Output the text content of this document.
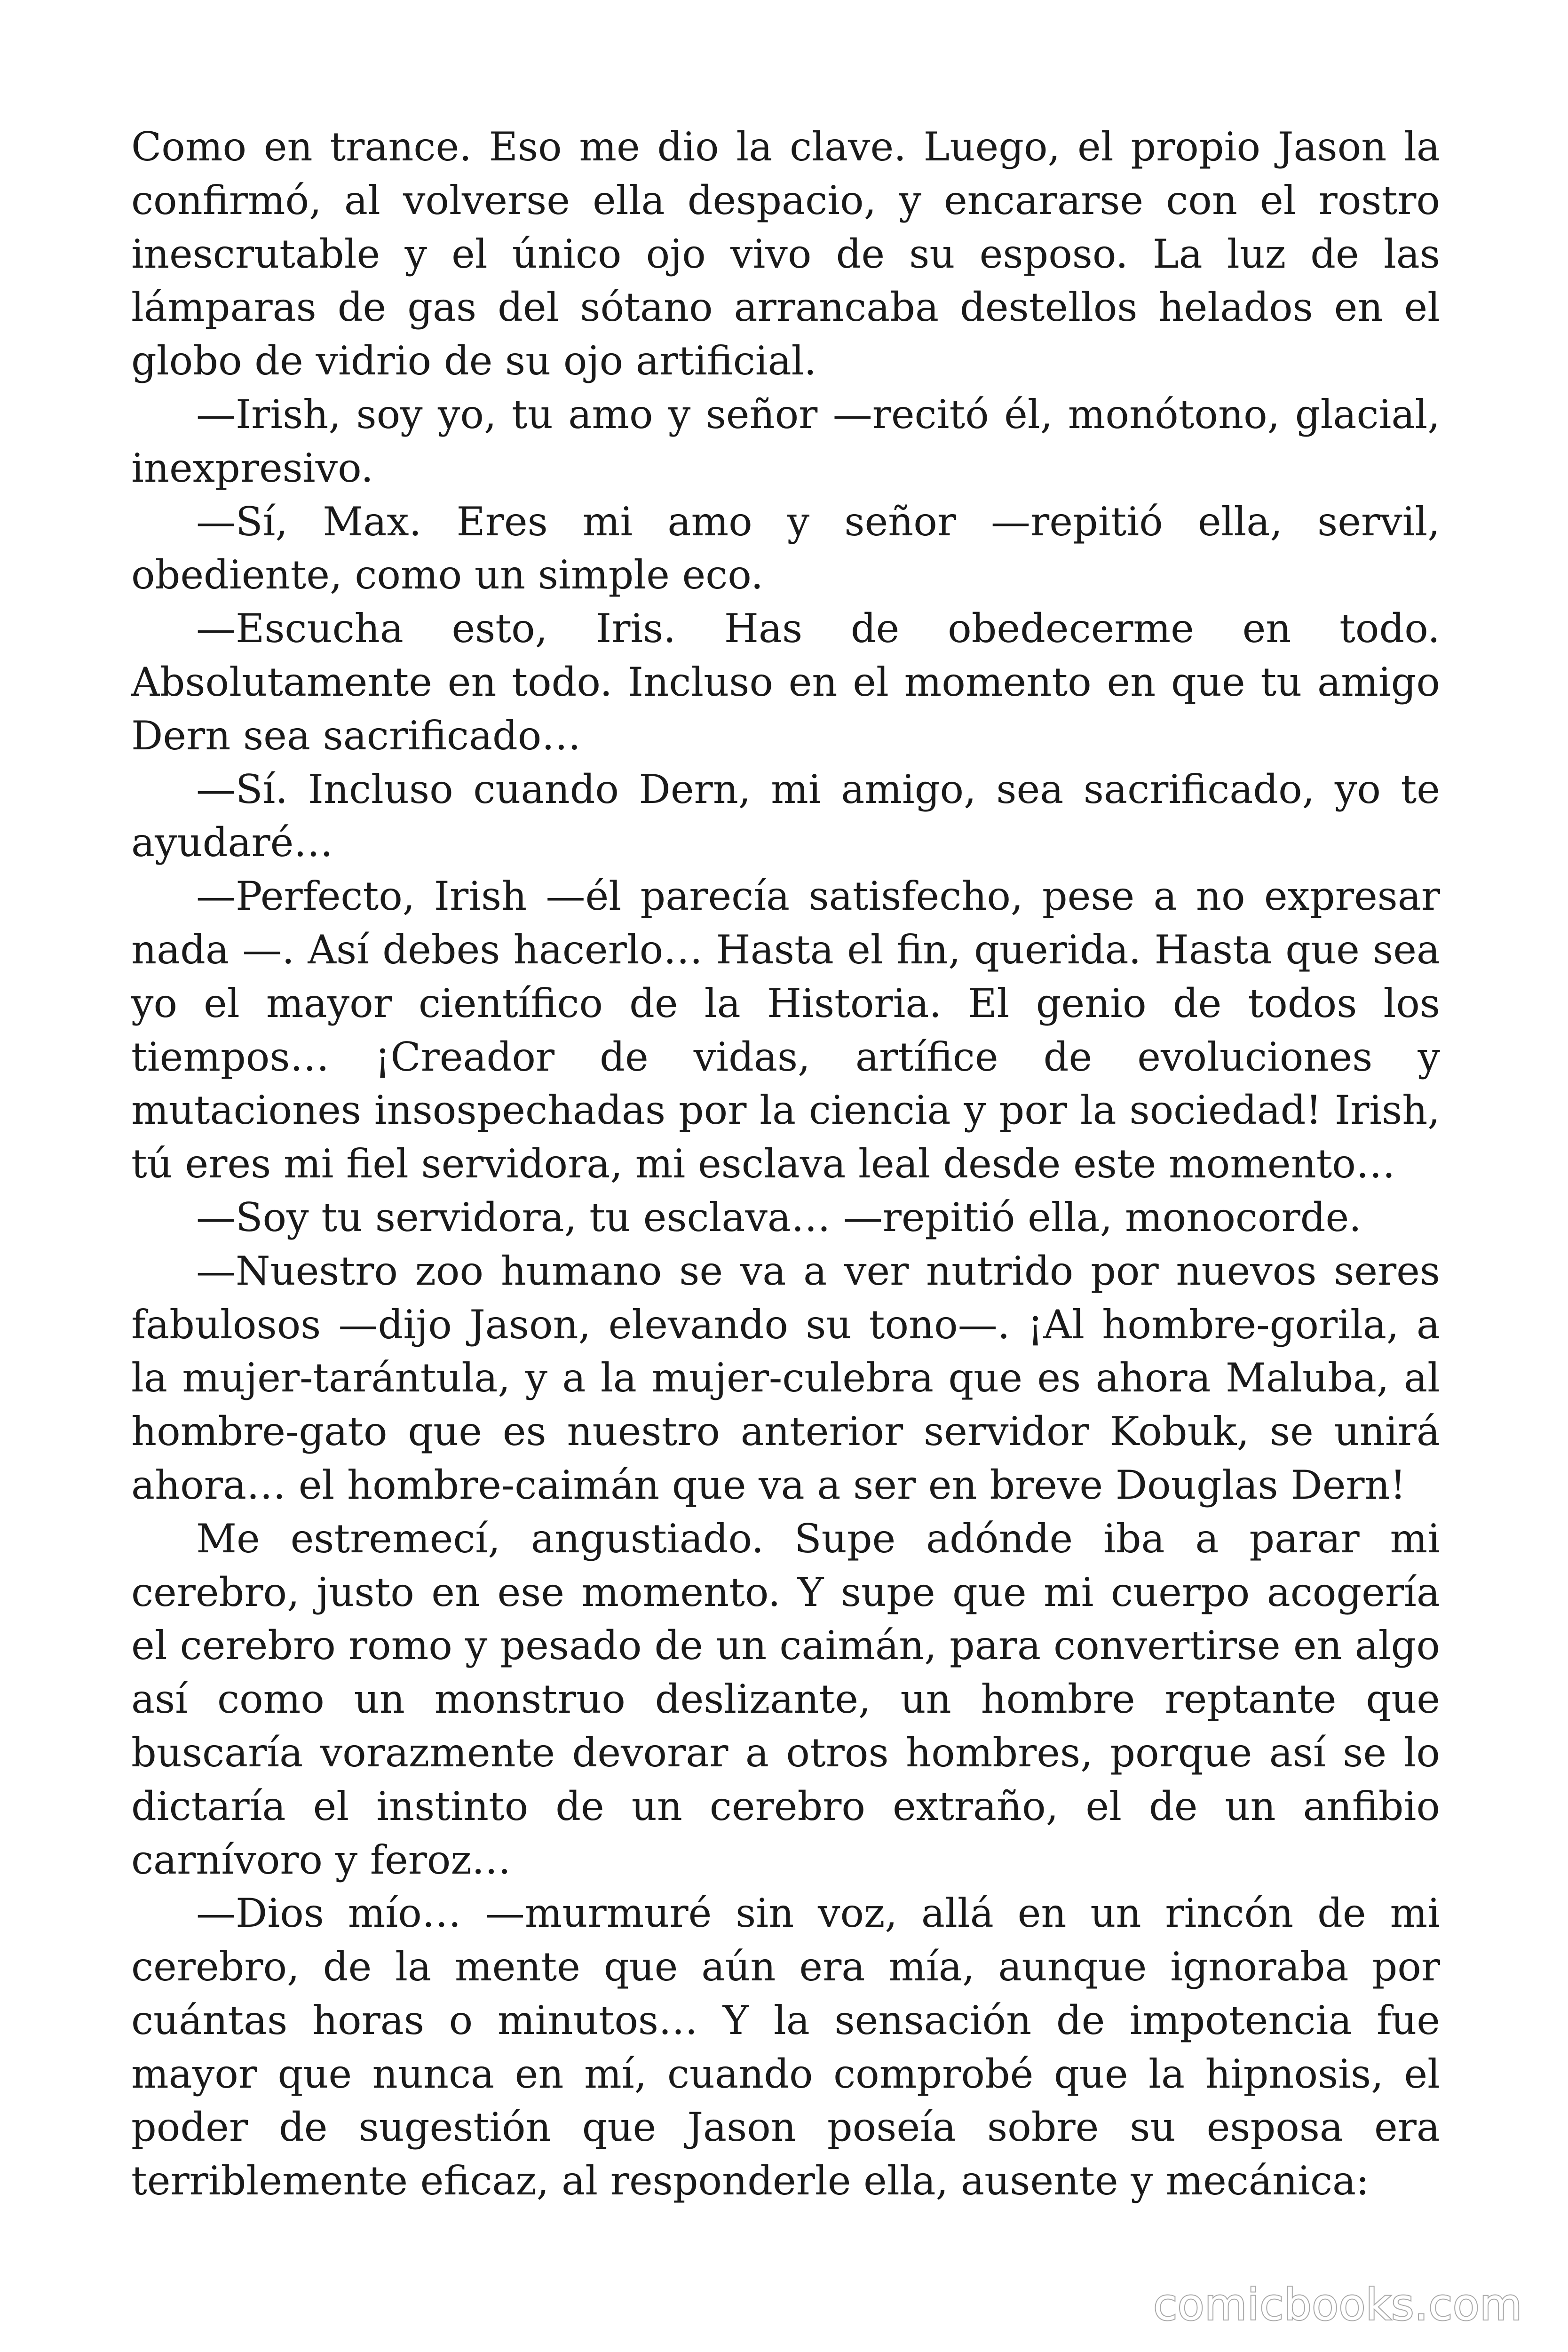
Como en trance. Eso me dio la clave. Luego, el propio Jason la confirmó, al volverse ella despacio, y encararse con el rostro inescrutable y el único ojo vivo de su esposo. La luz de las lámparas de gas del sótano arrancaba destellos helados en el globo de vidrio de su ojo artificial.

—Irish, soy yo, tu amo y señor —recitó él, monótono, glacial, inexpresivo.

—Sí, Max. Eres mi amo y señor —repitió ella, servil, obediente, como un simple eco.

—Escucha esto, Iris. Has de obedecerme en todo. Absolutamente en todo. Incluso en el momento en que tu amigo Dern sea sacrificado…

—Sí. Incluso cuando Dern, mi amigo, sea sacrificado, yo te ayudaré…

—Perfecto, Irish —él parecía satisfecho, pese a no expresar nada —. Así debes hacerlo… Hasta el fin, querida. Hasta que sea yo el mayor científico de la Historia. El genio de todos los tiempos… ¡Creador de vidas, artífice de evoluciones y mutaciones insospechadas por la ciencia y por la sociedad! Irish, tú eres mi fiel servidora, mi esclava leal desde este momento…

—Soy tu servidora, tu esclava… —repitió ella, monocorde.

—Nuestro zoo humano se va a ver nutrido por nuevos seres fabulosos —dijo Jason, elevando su tono—. ¡Al hombre-gorila, a la mujer-tarántula, y a la mujer-culebra que es ahora Maluba, al hombre-gato que es nuestro anterior servidor Kobuk, se unirá ahora… el hombre-caimán que va a ser en breve Douglas Dern!

Me estremecí, angustiado. Supe adónde iba a parar mi cerebro, justo en ese momento. Y supe que mi cuerpo acogería el cerebro romo y pesado de un caimán, para convertirse en algo así como un monstruo deslizante, un hombre reptante que buscaría vorazmente devorar a otros hombres, porque así se lo dictaría el instinto de un cerebro extraño, el de un anfibio carnívoro y feroz…

—Dios mío… —murmuré sin voz, allá en un rincón de mi cerebro, de la mente que aún era mía, aunque ignoraba por cuántas horas o minutos… Y la sensación de impotencia fue mayor que nunca en mí, cuando comprobé que la hipnosis, el poder de sugestión que Jason poseía sobre su esposa era terriblemente eficaz, al responderle ella, ausente y mecánica:

comicbooks.com
